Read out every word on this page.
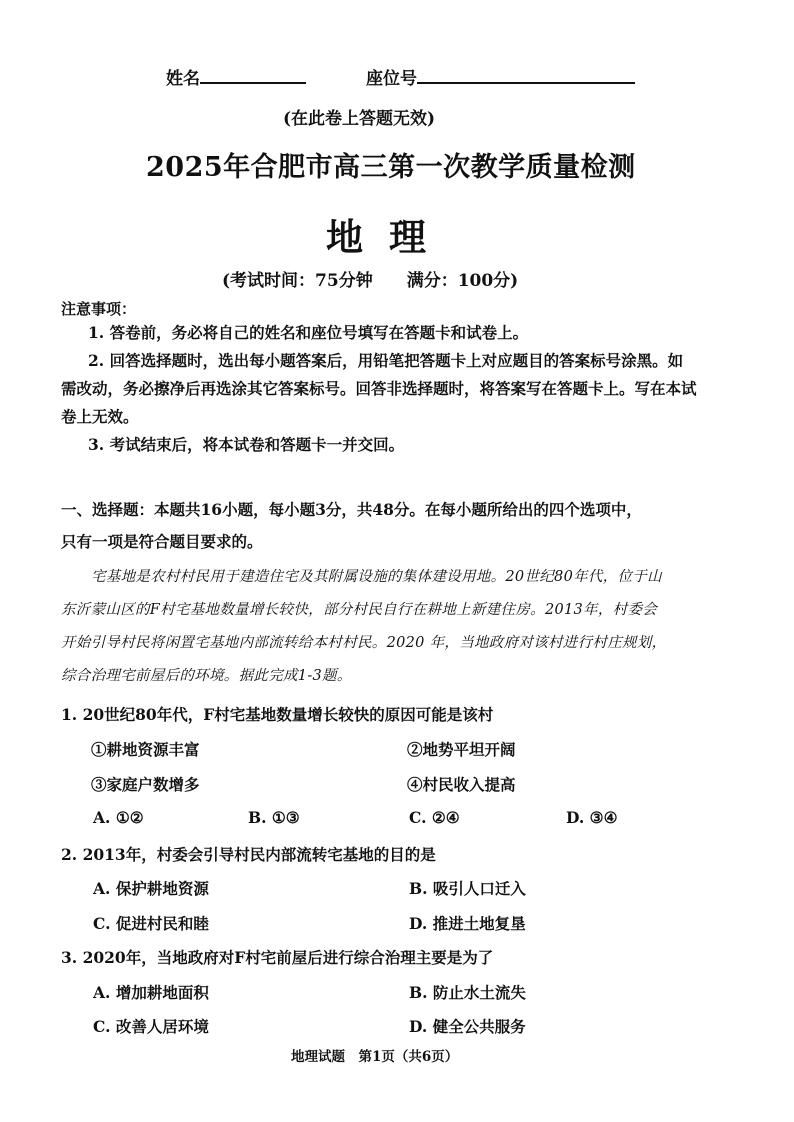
姓名	座位号
(在此卷上答题无效)
2025年合肥市高三第一次教学质量检测
地理
(考试时间：75分钟　　满分：100分)
注意事项：
1. 答卷前，务必将自己的姓名和座位号填写在答题卡和试卷上。
2. 回答选择题时，选出每小题答案后，用铅笔把答题卡上对应题目的答案标号涂黑。如
需改动，务必擦净后再选涂其它答案标号。回答非选择题时，将答案写在答题卡上。写在本试
卷上无效。
3. 考试结束后，将本试卷和答题卡一并交回。
一、选择题：本题共16小题，每小题3分，共48分。在每小题所给出的四个选项中，
只有一项是符合题目要求的。
宅基地是农村村民用于建造住宅及其附属设施的集体建设用地。20世纪80年代，位于山
东沂蒙山区的F村宅基地数量增长较快，部分村民自行在耕地上新建住房。2013年，村委会
开始引导村民将闲置宅基地内部流转给本村村民。2020 年，当地政府对该村进行村庄规划，
综合治理宅前屋后的环境。据此完成1-3题。
1. 20世纪80年代，F村宅基地数量增长较快的原因可能是该村
①耕地资源丰富	②地势平坦开阔
③家庭户数增多	④村民收入提高
A. ①②	B. ①③	C. ②④	D. ③④
2. 2013年，村委会引导村民内部流转宅基地的目的是
A. 保护耕地资源	B. 吸引人口迁入
C. 促进村民和睦	D. 推进土地复垦
3. 2020年，当地政府对F村宅前屋后进行综合治理主要是为了
A. 增加耕地面积	B. 防止水土流失
C. 改善人居环境	D. 健全公共服务
地理试题　第1页（共6页）
